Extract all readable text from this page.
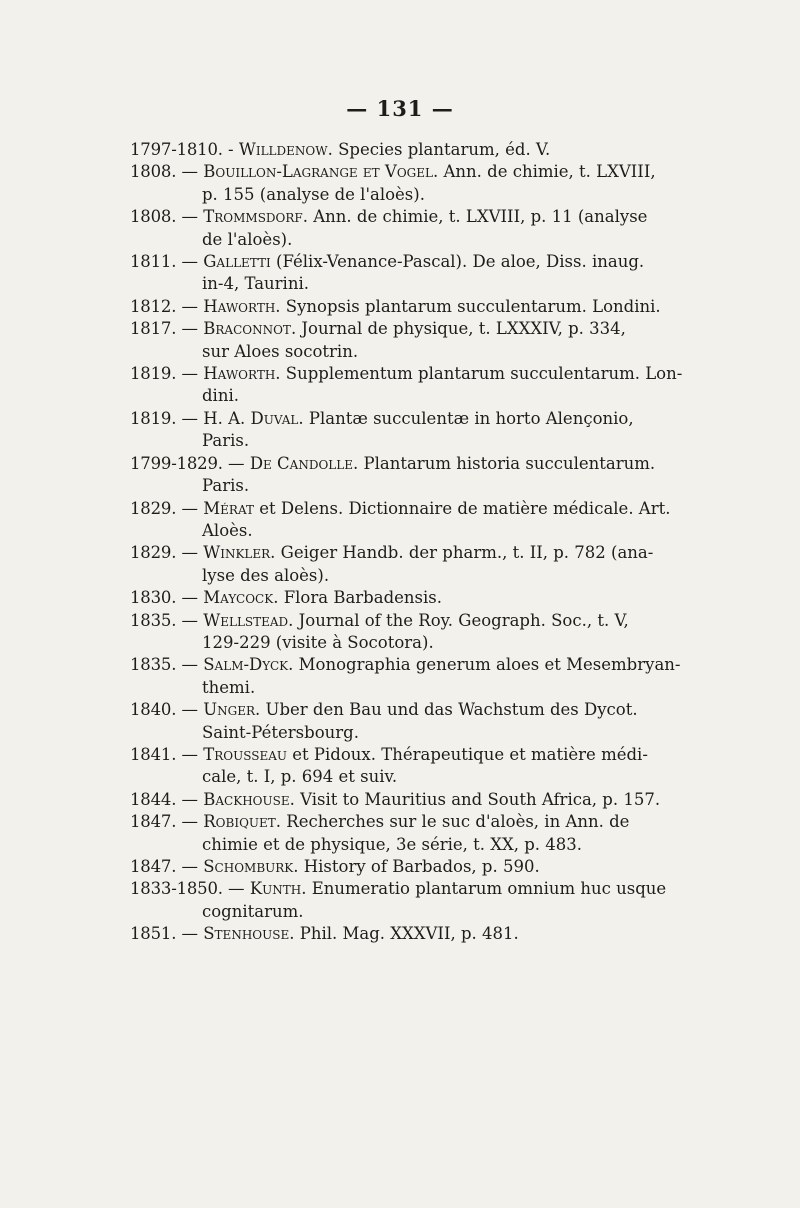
— 131 —

1797-1810. - Willdenow. Species plantarum, éd. V.

1808. — Bouillon-Lagrange et Vogel. Ann. de chimie, t. LXVIII,
p. 155 (analyse de l'aloès).

1808. — Trommsdorf. Ann. de chimie, t. LXVIII, p. 11 (analyse
de l'aloès).

1811. — Galletti (Félix-Venance-Pascal). De aloe, Diss. inaug.
in-4, Taurini.

1812. — Haworth. Synopsis plantarum succulentarum. Londini.

1817. — Braconnot. Journal de physique, t. LXXXIV, p. 334,
sur Aloes socotrin.

1819. — Haworth. Supplementum plantarum succulentarum. Lon-
dini.

1819. — H. A. Duval. Plantæ succulentæ in horto Alençonio,
Paris.

1799-1829. — De Candolle. Plantarum historia succulentarum.
Paris.

1829. — Mérat et Delens. Dictionnaire de matière médicale. Art.
Aloès.

1829. — Winkler. Geiger Handb. der pharm., t. II, p. 782 (ana-
lyse des aloès).

1830. — Maycock. Flora Barbadensis.

1835. — Wellstead. Journal of the Roy. Geograph. Soc., t. V,
129-229 (visite à Socotora).

1835. — Salm-Dyck. Monographia generum aloes et Mesembryan-
themi.

1840. — Unger. Uber den Bau und das Wachstum des Dycot.
Saint-Pétersbourg.

1841. — Trousseau et Pidoux. Thérapeutique et matière médi-
cale, t. I, p. 694 et suiv.

1844. — Backhouse. Visit to Mauritius and South Africa, p. 157.

1847. — Robiquet. Recherches sur le suc d'aloès, in Ann. de
chimie et de physique, 3e série, t. XX, p. 483.

1847. — Schomburk. History of Barbados, p. 590.

1833-1850. — Kunth. Enumeratio plantarum omnium huc usque
cognitarum.

1851. — Stenhouse. Phil. Mag. XXXVII, p. 481.
